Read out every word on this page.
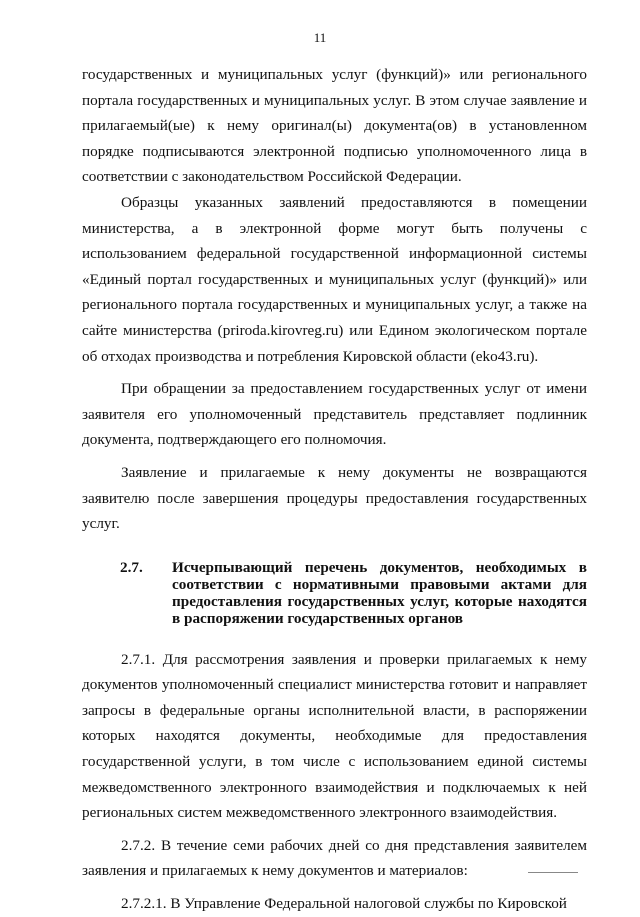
11

государственных и муниципальных услуг (функций)» или регионального портала государственных и муниципальных услуг. В этом случае заявление и прилагаемый(ые) к нему оригинал(ы) документа(ов) в установленном порядке подписываются электронной подписью уполномоченного лица в соответствии с законодательством Российской Федерации.

Образцы указанных заявлений предоставляются в помещении министерства, а в электронной форме могут быть получены с использованием федеральной государственной информационной системы «Единый портал государственных и муниципальных услуг (функций)» или регионального портала государственных и муниципальных услуг, а также на сайте министерства (priroda.kirovreg.ru) или Едином экологическом портале об отходах производства и потребления Кировской области (eko43.ru).

При обращении за предоставлением государственных услуг от имени заявителя его уполномоченный представитель представляет подлинник документа, подтверждающего его полномочия.

Заявление и прилагаемые к нему документы не возвращаются заявителю после завершения процедуры предоставления государственных услуг.

2.7.	Исчерпывающий перечень документов, необходимых в соответствии с нормативными правовыми актами для предоставления государственных услуг, которые находятся в распоряжении государственных органов

2.7.1. Для рассмотрения заявления и проверки прилагаемых к нему документов уполномоченный специалист министерства готовит и направляет запросы в федеральные органы исполнительной власти, в распоряжении которых находятся документы, необходимые для предоставления государственной услуги, в том числе с использованием единой системы межведомственного электронного взаимодействия и подключаемых к ней региональных систем межведомственного электронного взаимодействия.

2.7.2. В течение семи рабочих дней со дня представления заявителем заявления и прилагаемых к нему документов и материалов:

2.7.2.1. В Управление Федеральной налоговой службы по Кировской
